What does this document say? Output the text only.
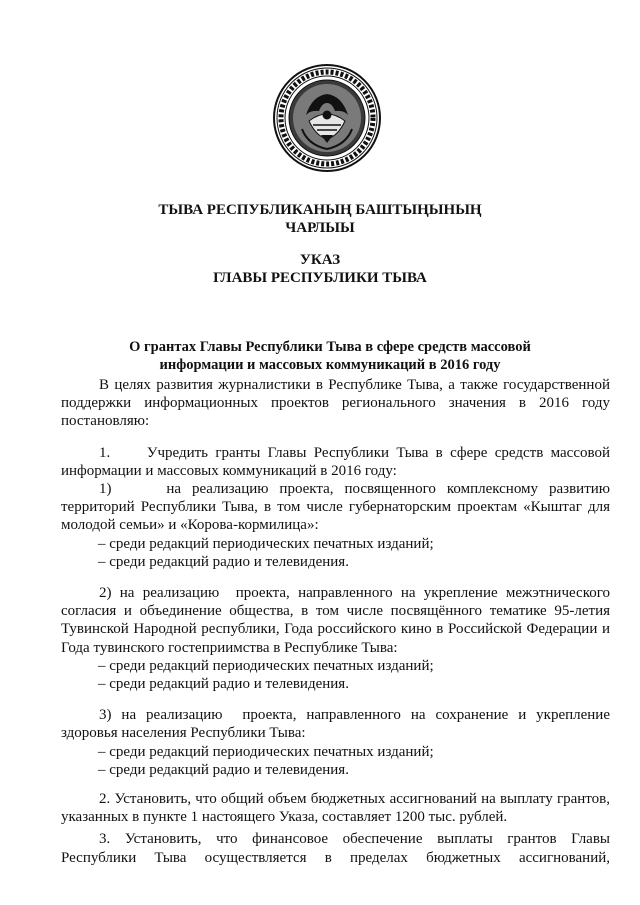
ТЫВА РЕСПУБЛИКАНЫҢ БАШТЫҢЫНЫҢ
ЧАРЛЫЫ
УКАЗ
ГЛАВЫ РЕСПУБЛИКИ ТЫВА
О грантах Главы Республики Тыва в сфере средств массовой
информации и массовых коммуникаций в 2016 году

В целях развития журналистики в Республике Тыва, а также государственной поддержки информационных проектов регионального значения в 2016 году постановляю:

1.     Учредить гранты Главы Республики Тыва в сфере средств массовой информации и массовых коммуникаций в 2016 году:

1)     на реализацию проекта, посвященного комплексному развитию территорий Республики Тыва, в том числе губернаторским проектам «Кыштаг для молодой семьи» и «Корова-кормилица»:

– среди редакций периодических печатных изданий;

– среди редакций радио и телевидения.

2) на реализацию  проекта, направленного на укрепление межэтнического согласия и объединение общества, в том числе посвящённого тематике 95-летия Тувинской Народной республики, Года российского кино в Российской Федерации и Года тувинского гостеприимства в Республике Тыва:

– среди редакций периодических печатных изданий;

– среди редакций радио и телевидения.

3) на реализацию  проекта, направленного на сохранение и укрепление здоровья населения Республики Тыва:

– среди редакций периодических печатных изданий;

– среди редакций радио и телевидения.

2. Установить, что общий объем бюджетных ассигнований на выплату грантов, указанных в пункте 1 настоящего Указа, составляет 1200 тыс. рублей.

3. Установить, что финансовое обеспечение выплаты грантов Главы Республики Тыва осуществляется в пределах бюджетных ассигнований,
